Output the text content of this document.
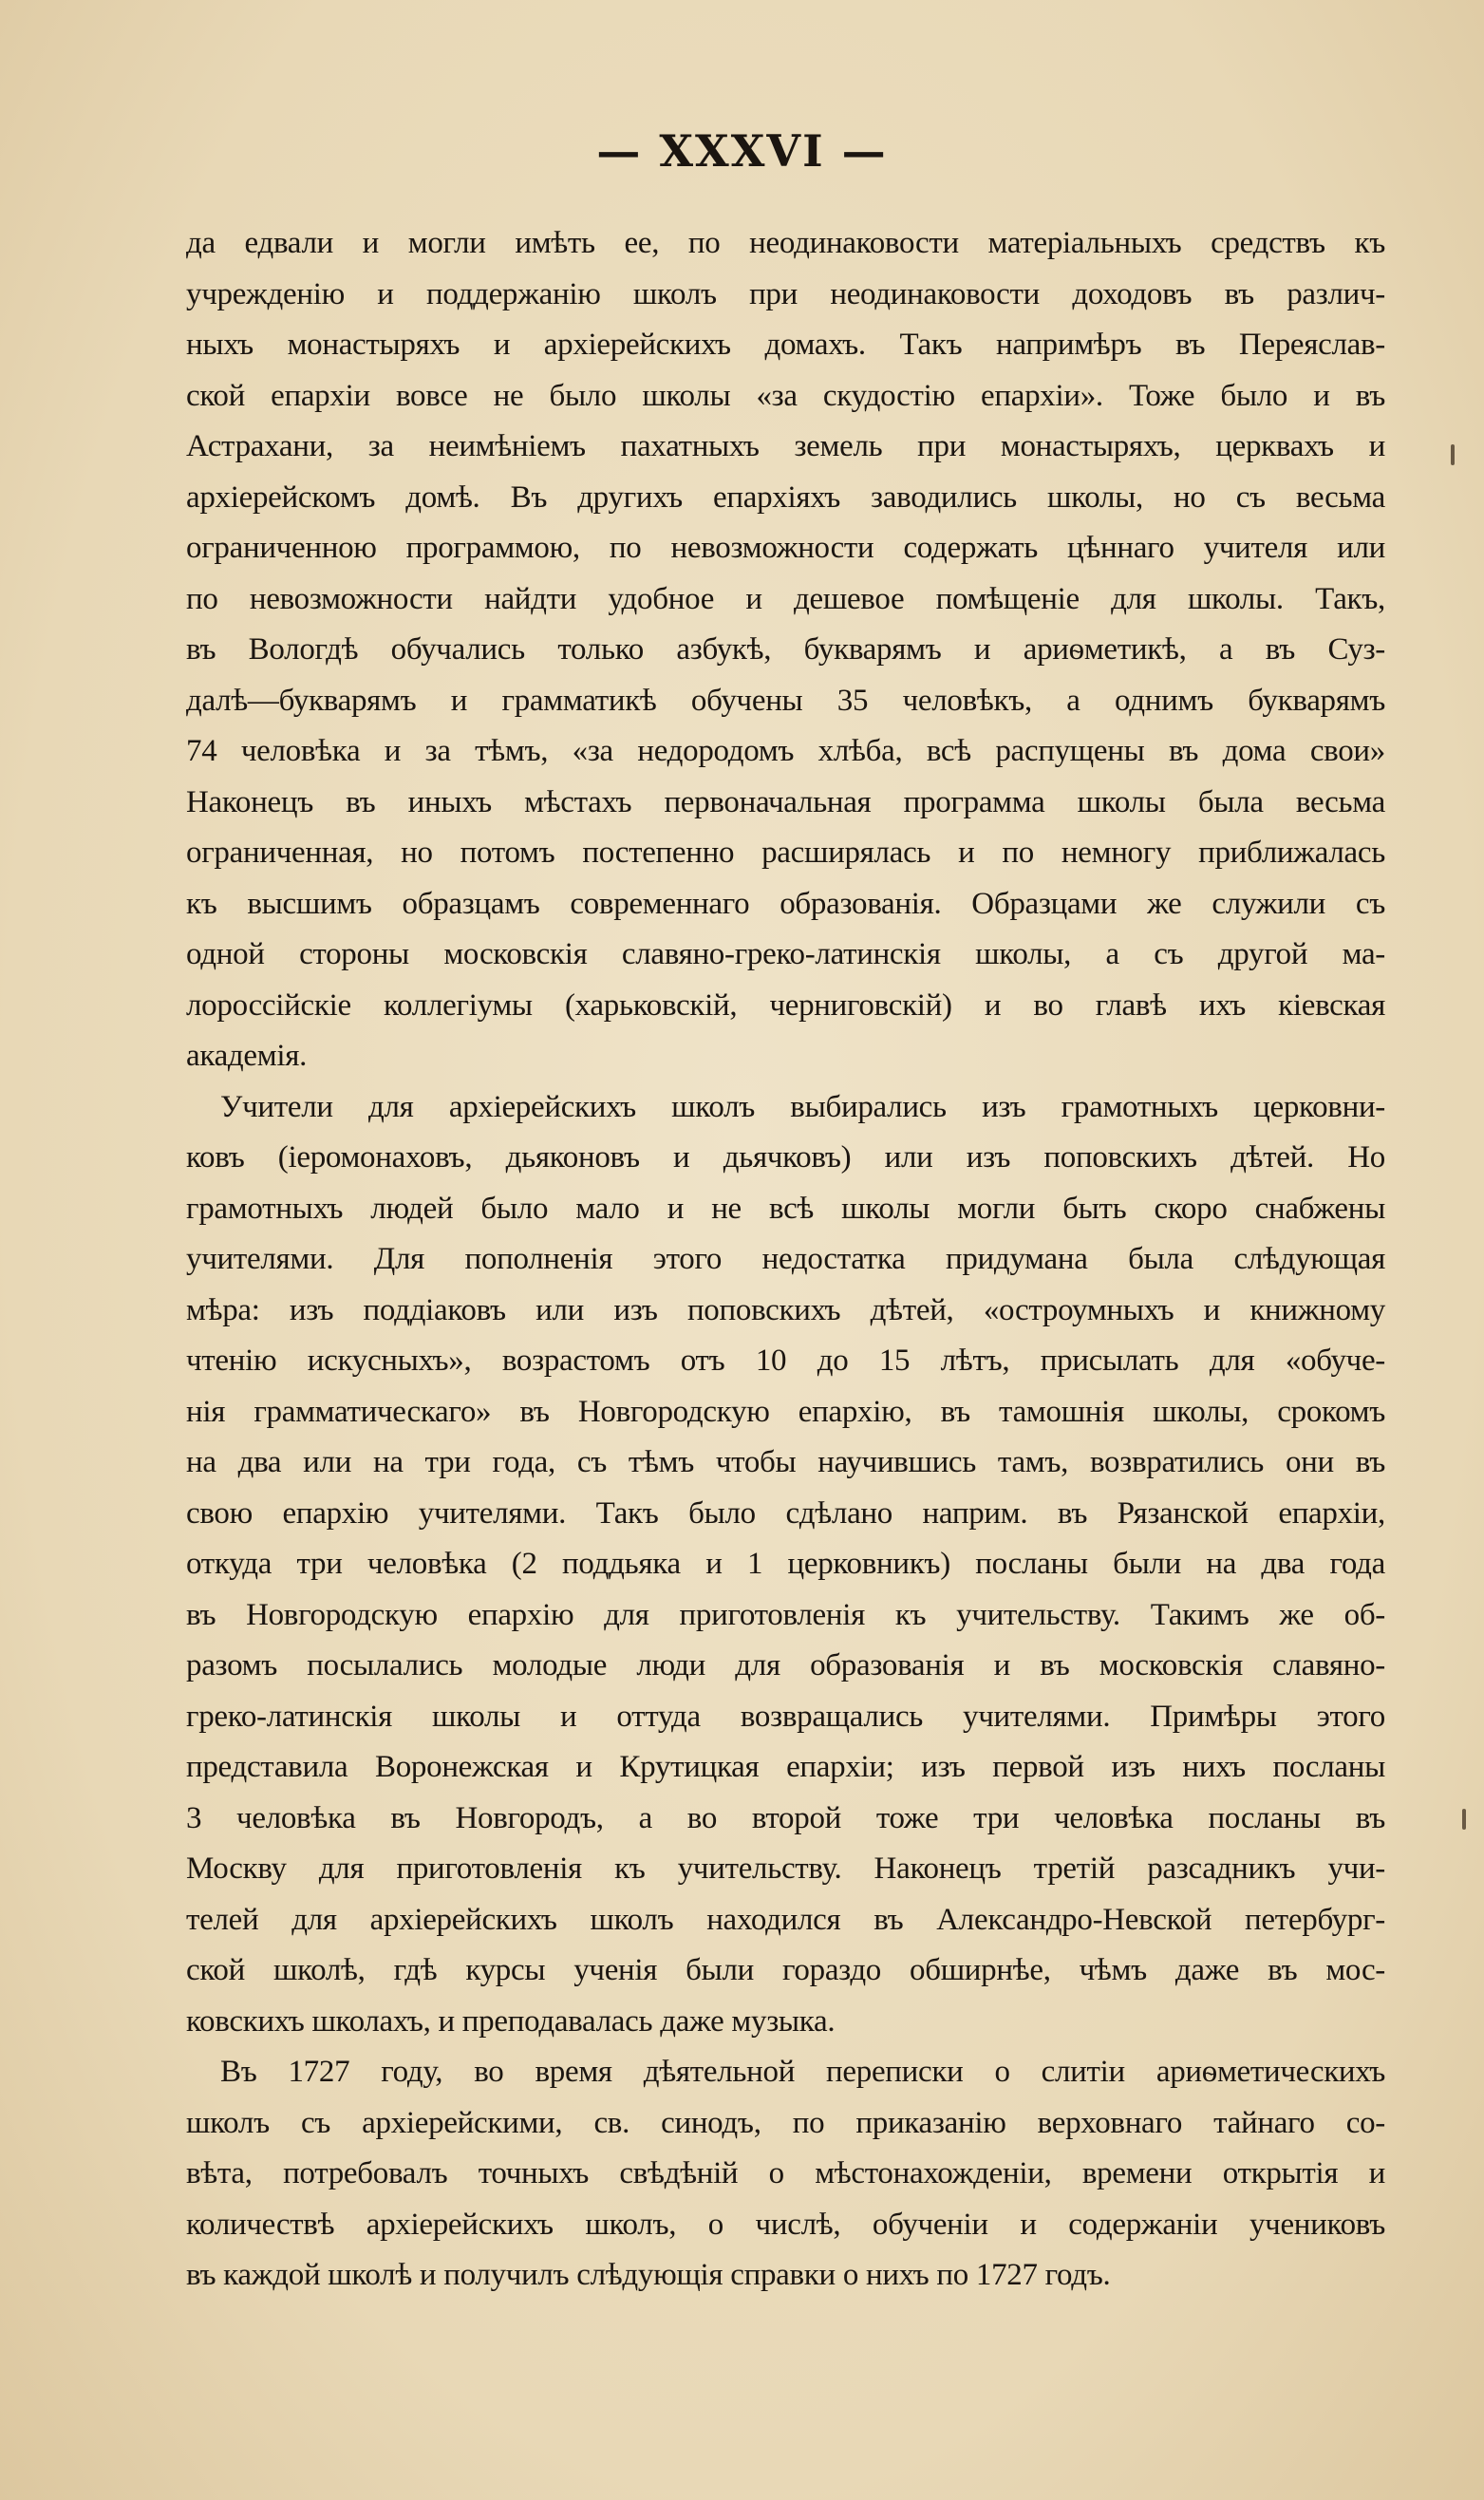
— XXXVI —
да едвали и могли имѣть ее, по неодинаковости матеріальныхъ средствъ къ
учрежденію и поддержанію школъ при неодинаковости доходовъ въ различ-
ныхъ монастыряхъ и архіерейскихъ домахъ. Такъ напримѣръ въ Переяслав-
ской епархіи вовсе не было школы «за скудостію епархіи». Тоже было и въ
Астрахани, за неимѣніемъ пахатныхъ земель при монастыряхъ, церквахъ и
архіерейскомъ домѣ. Въ другихъ епархіяхъ заводились школы, но съ весьма
ограниченною программою, по невозможности содержать цѣннаго учителя или
по невозможности найдти удобное и дешевое помѣщеніе для школы. Такъ,
въ Вологдѣ обучались только азбукѣ, букварямъ и ариѳметикѣ, а въ Суз-
далѣ—букварямъ и грамматикѣ обучены 35 человѣкъ, а однимъ букварямъ
74 человѣка и за тѣмъ, «за недородомъ хлѣба, всѣ распущены въ дома свои»
Наконецъ въ иныхъ мѣстахъ первоначальная программа школы была весьма
ограниченная, но потомъ постепенно расширялась и по немногу приближалась
къ высшимъ образцамъ современнаго образованія. Образцами же служили съ
одной стороны московскія славяно-греко-латинскія школы, а съ другой ма-
лороссійскіе коллегіумы (харьковскій, черниговскій) и во главѣ ихъ кіевская
академія.
Учители для архіерейскихъ школъ выбирались изъ грамотныхъ церковни-
ковъ (іеромонаховъ, дьяконовъ и дьячковъ) или изъ поповскихъ дѣтей. Но
грамотныхъ людей было мало и не всѣ школы могли быть скоро снабжены
учителями. Для пополненія этого недостатка придумана была слѣдующая
мѣра: изъ поддіаковъ или изъ поповскихъ дѣтей, «остроумныхъ и книжному
чтенію искусныхъ», возрастомъ отъ 10 до 15 лѣтъ, присылать для «обуче-
нія грамматическаго» въ Новгородскую епархію, въ тамошнія школы, срокомъ
на два или на три года, съ тѣмъ чтобы научившись тамъ, возвратились они въ
свою епархію учителями. Такъ было сдѣлано наприм. въ Рязанской епархіи,
откуда три человѣка (2 поддьяка и 1 церковникъ) посланы были на два года
въ Новгородскую епархію для приготовленія къ учительству. Такимъ же об-
разомъ посылались молодые люди для образованія и въ московскія славяно-
греко-латинскія школы и оттуда возвращались учителями. Примѣры этого
представила Воронежская и Крутицкая епархіи; изъ первой изъ нихъ посланы
3 человѣка въ Новгородъ, а во второй тоже три человѣка посланы въ
Москву для приготовленія къ учительству. Наконецъ третій разсадникъ учи-
телей для архіерейскихъ школъ находился въ Александро-Невской петербург-
ской школѣ, гдѣ курсы ученія были гораздо обширнѣе, чѣмъ даже въ мос-
ковскихъ школахъ, и преподавалась даже музыка.
Въ 1727 году, во время дѣятельной переписки о слитіи ариѳметическихъ
школъ съ архіерейскими, св. синодъ, по приказанію верховнаго тайнаго со-
вѣта, потребовалъ точныхъ свѣдѣній о мѣстонахожденіи, времени открытія и
количествѣ архіерейскихъ школъ, о числѣ, обученіи и содержаніи учениковъ
въ каждой школѣ и получилъ слѣдующія справки о нихъ по 1727 годъ.
